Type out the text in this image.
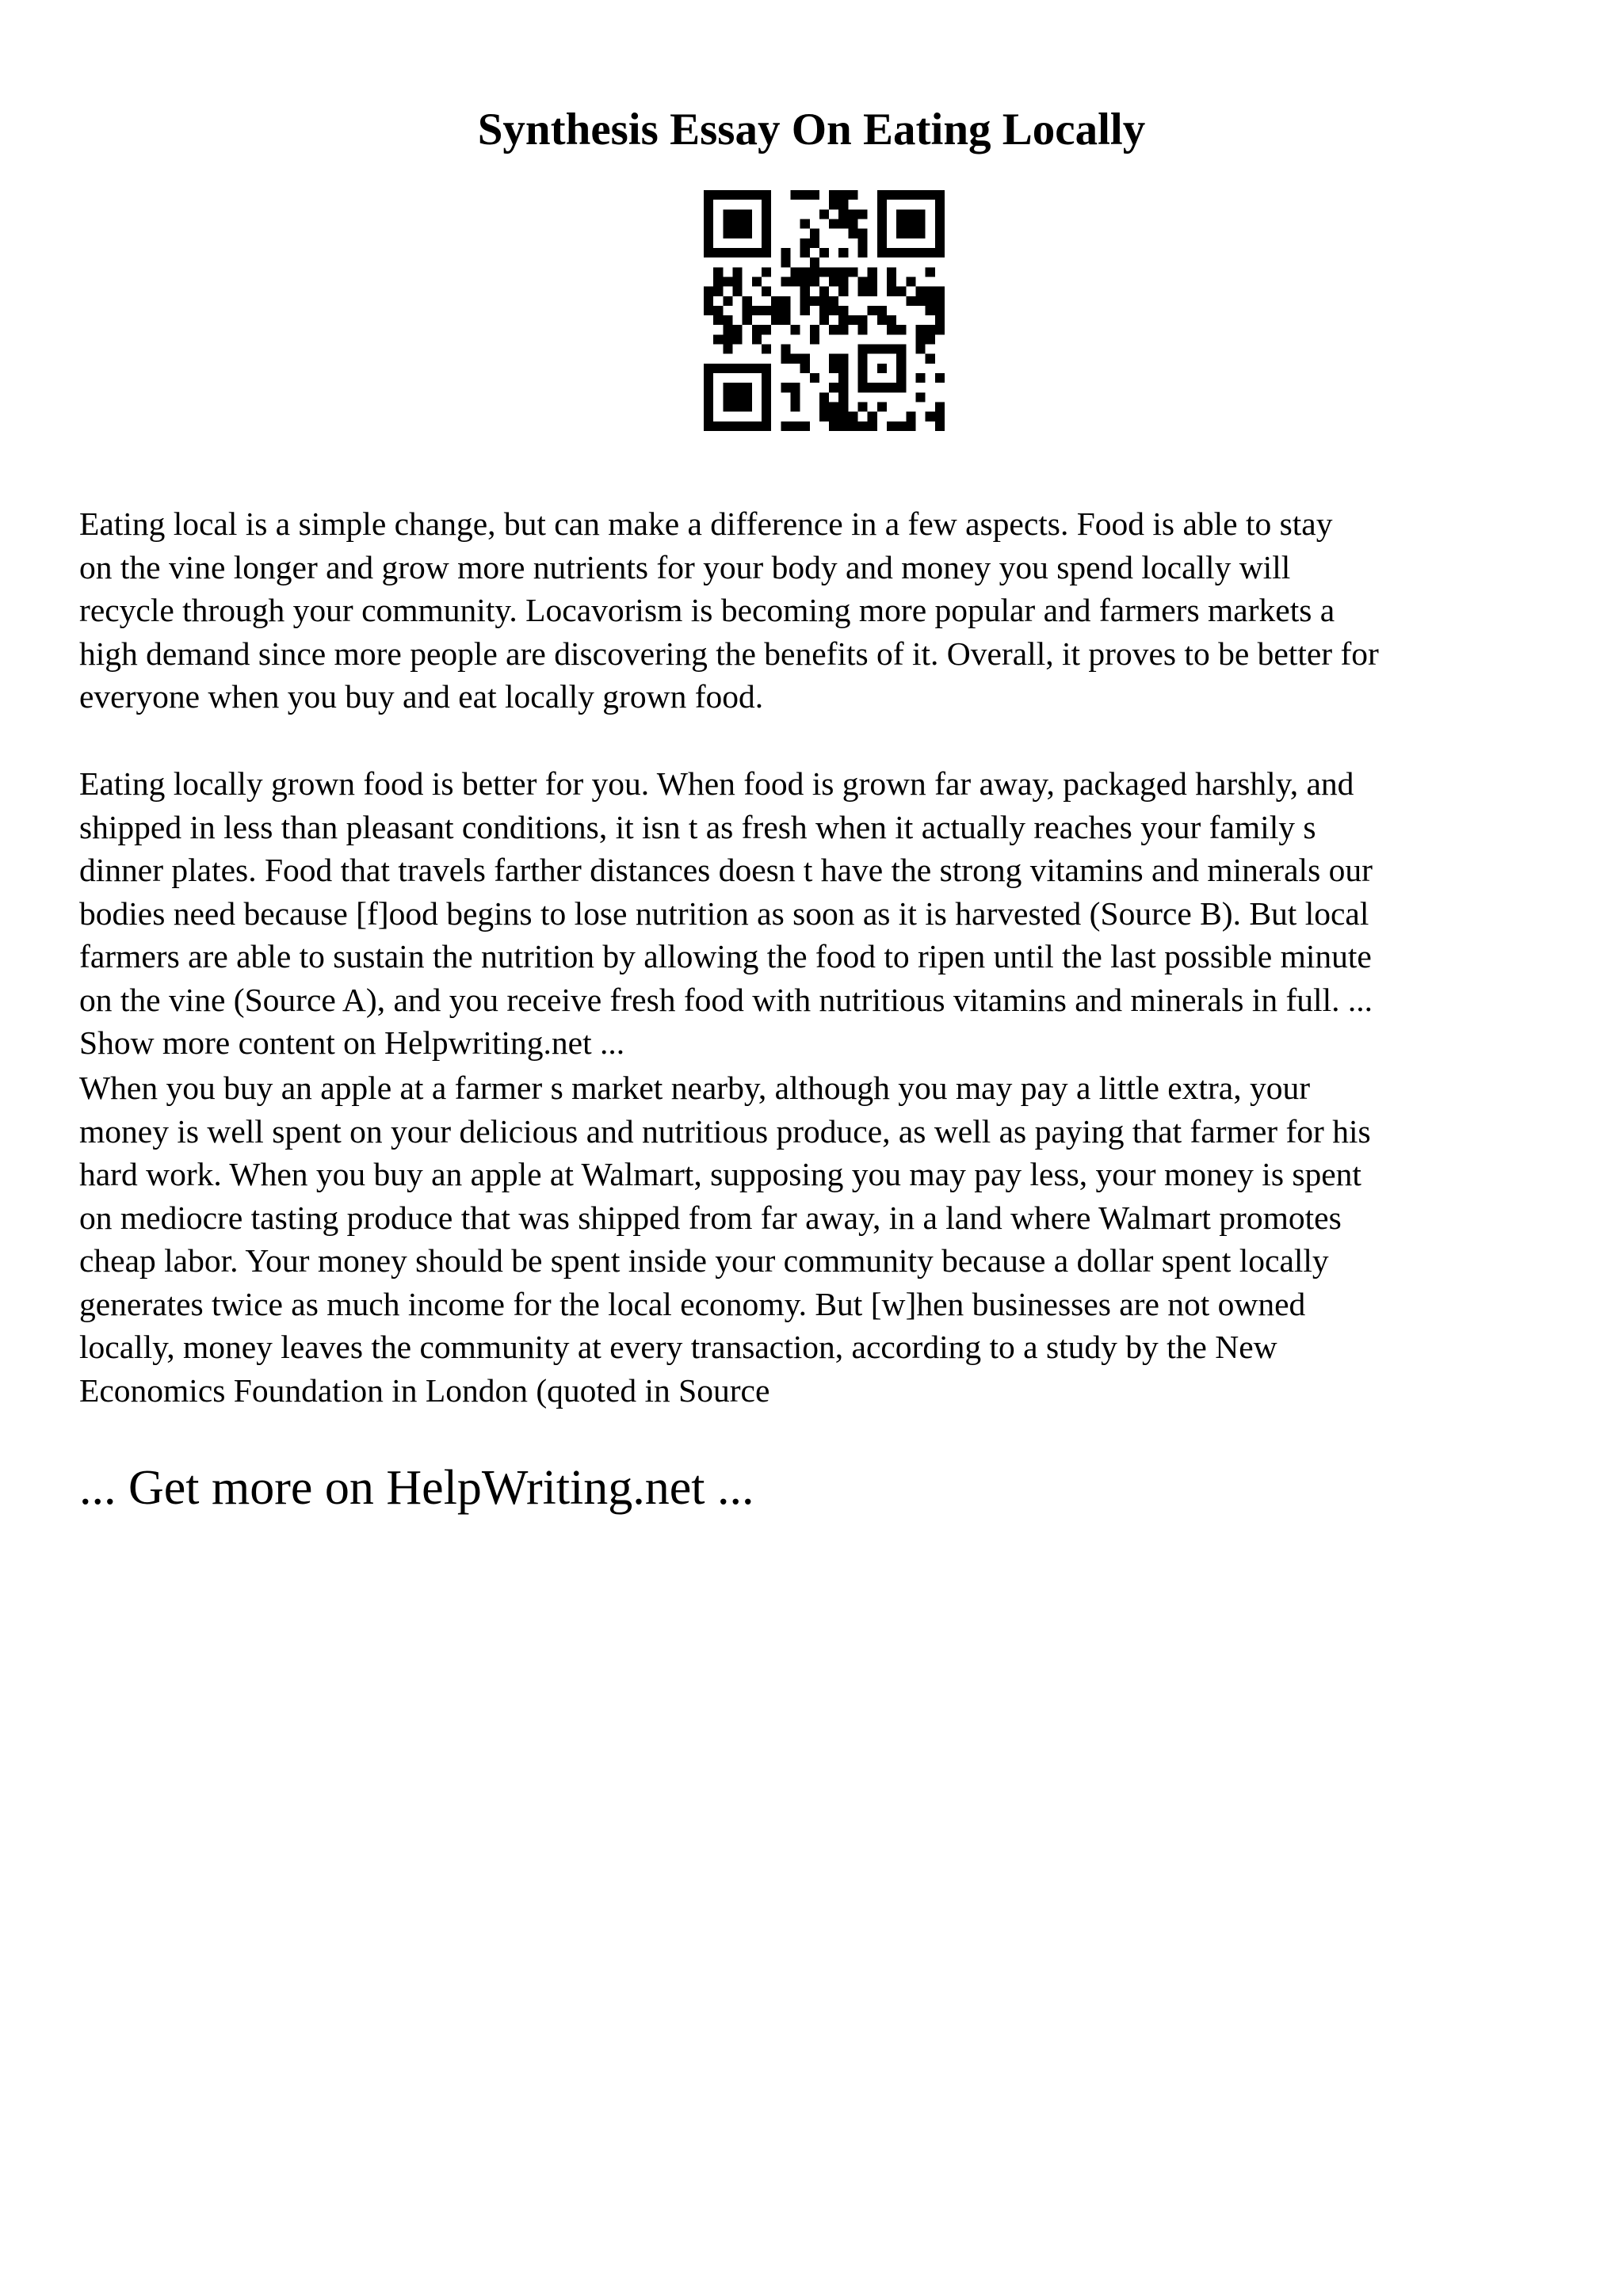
Synthesis Essay On Eating Locally

Eating local is a simple change, but can make a difference in a few aspects. Food is able to stay
on the vine longer and grow more nutrients for your body and money you spend locally will
recycle through your community. Locavorism is becoming more popular and farmers markets a
high demand since more people are discovering the benefits of it. Overall, it proves to be better for
everyone when you buy and eat locally grown food.

Eating locally grown food is better for you. When food is grown far away, packaged harshly, and
shipped in less than pleasant conditions, it isn t as fresh when it actually reaches your family s
dinner plates. Food that travels farther distances doesn t have the strong vitamins and minerals our
bodies need because [f]ood begins to lose nutrition as soon as it is harvested (Source B). But local
farmers are able to sustain the nutrition by allowing the food to ripen until the last possible minute
on the vine (Source A), and you receive fresh food with nutritious vitamins and minerals in full. ...
Show more content on Helpwriting.net ...

When you buy an apple at a farmer s market nearby, although you may pay a little extra, your
money is well spent on your delicious and nutritious produce, as well as paying that farmer for his
hard work. When you buy an apple at Walmart, supposing you may pay less, your money is spent
on mediocre tasting produce that was shipped from far away, in a land where Walmart promotes
cheap labor. Your money should be spent inside your community because a dollar spent locally
generates twice as much income for the local economy. But [w]hen businesses are not owned
locally, money leaves the community at every transaction, according to a study by the New
Economics Foundation in London (quoted in Source

... Get more on HelpWriting.net ...
